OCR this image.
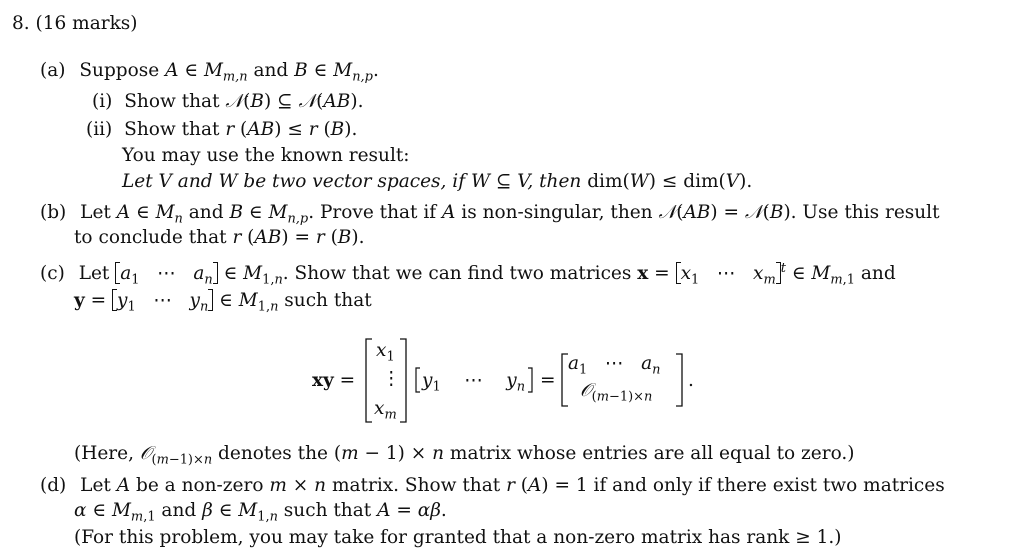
8. (16 marks)
(a) Suppose A ∈ $M_{m,n}$ and B ∈ $M_{n,p}$.
(i) Show that 𝒩(B) ⊆ 𝒩(AB).
(ii) Show that r (AB) ≤ r (B).
You may use the known result:
Let V and W be two vector spaces, if W ⊆ V, then dim(W) ≤ dim(V).
(b) Let A ∈ $M_n$ and B ∈ $M_{n,p}$. Prove that if A is non-singular, then 𝒩(AB) = 𝒩(B). Use this result
to conclude that r (AB) = r (B).
(c) Let $a_1$   ⋯   $a_n$ ∈ $M_{1,n}$. Show that we can find two matrices $x = x_1$   ⋯   $x_m^t$ ∈ $M_{m,1}$ and
$y = y_1$   ⋯   $y_n$ ∈ $M_{1,n}$ such that
xy =
$x_1$
⋮
$x_m$
$y_1$    ⋯    $y_n$ =
$a_1$   ⋯   $a_n$
𝒪$_{(m-1)\times n}$
.
(Here, 𝒪$_{(m-1)\times n}$ denotes the (m − 1) × n matrix whose entries are all equal to zero.)
(d) Let A be a non-zero m × n matrix. Show that r (A) = 1 if and only if there exist two matrices
α ∈ $M_{m,1}$ and β ∈ $M_{1,n}$ such that A = αβ.
(For this problem, you may take for granted that a non-zero matrix has rank ≥ 1.)
